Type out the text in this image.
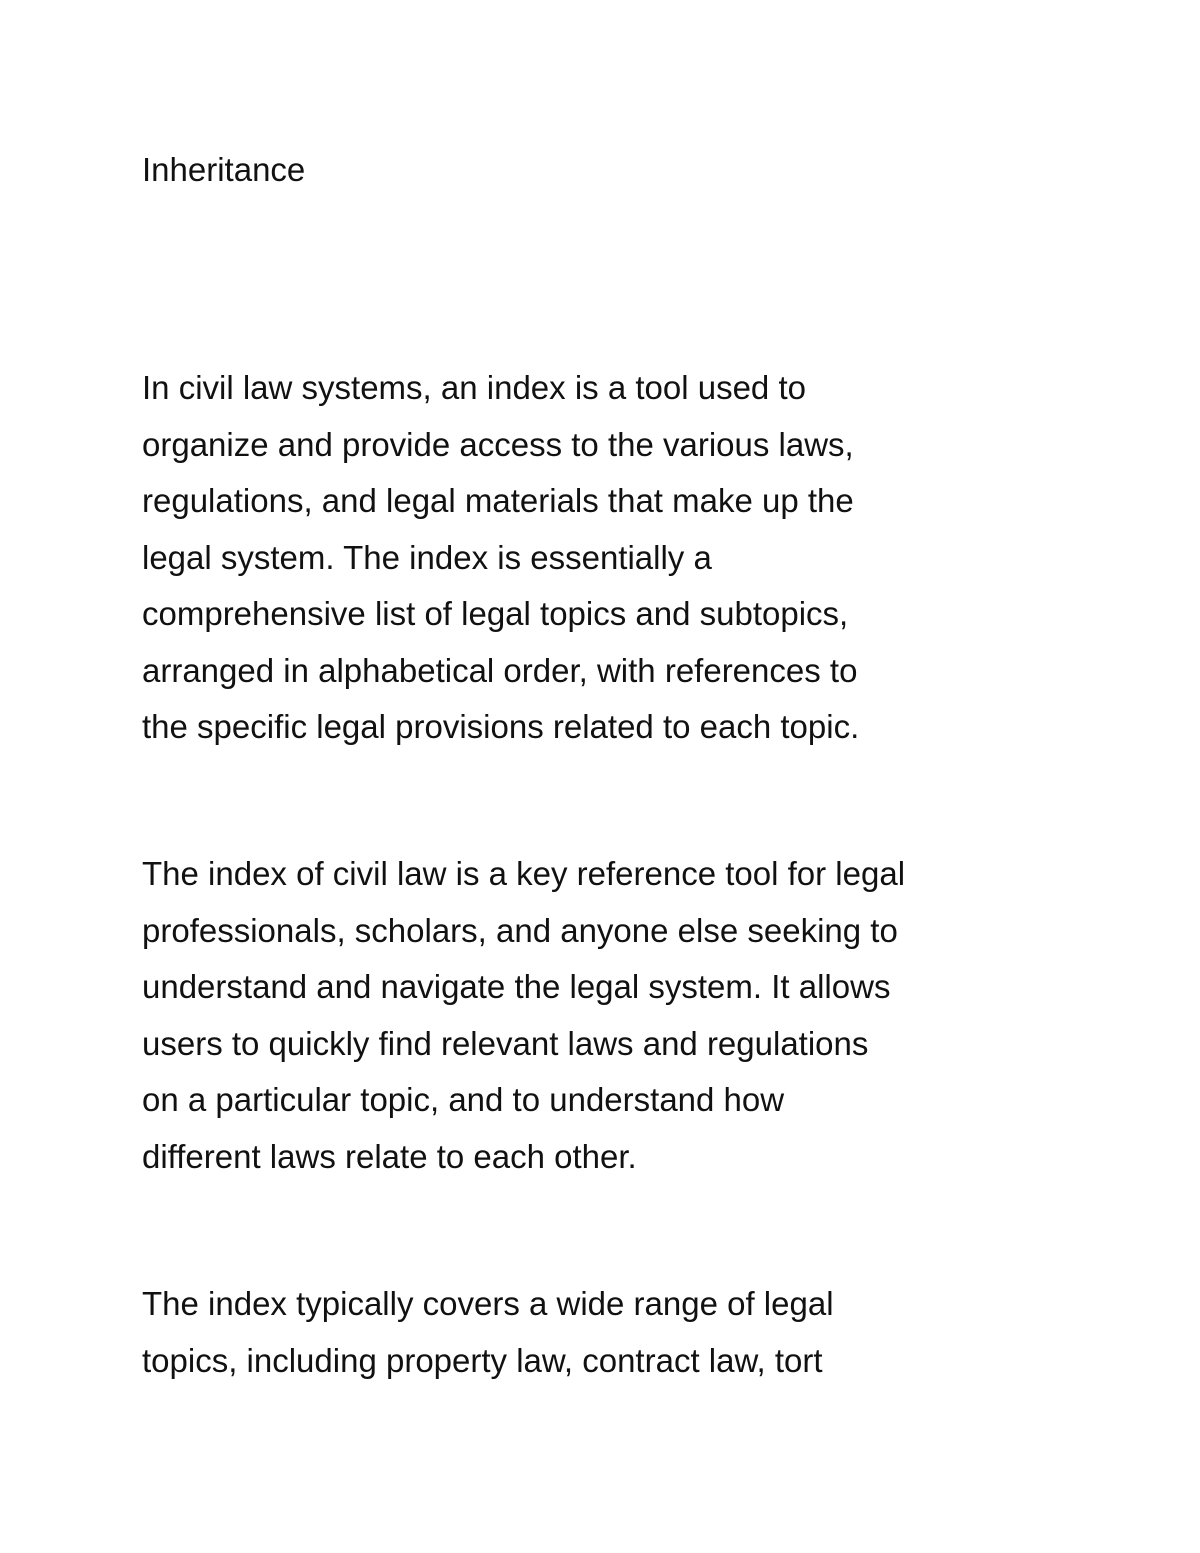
Inheritance
In civil law systems, an index is a tool used to
organize and provide access to the various laws,
regulations, and legal materials that make up the
legal system. The index is essentially a
comprehensive list of legal topics and subtopics,
arranged in alphabetical order, with references to
the specific legal provisions related to each topic.
The index of civil law is a key reference tool for legal
professionals, scholars, and anyone else seeking to
understand and navigate the legal system. It allows
users to quickly find relevant laws and regulations
on a particular topic, and to understand how
different laws relate to each other.
The index typically covers a wide range of legal
topics, including property law, contract law, tort
